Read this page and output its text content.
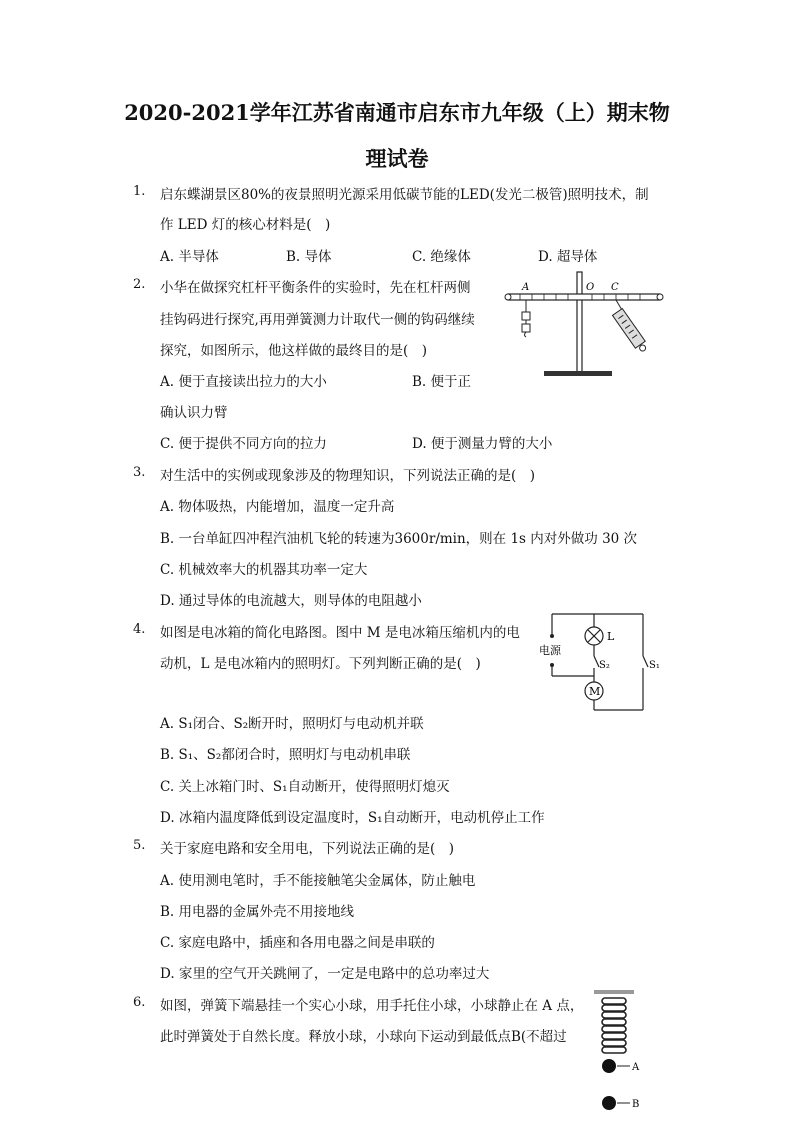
2020-2021学年江苏省南通市启东市九年级（上）期末物
理试卷
1. 启东蝶湖景区80%的夜景照明光源采用低碳节能的LED(发光二极管)照明技术，制
作 LED 灯的核心材料是(　)
A. 半导体	B. 导体	C. 绝缘体	D. 超导体
2. 小华在做探究杠杆平衡条件的实验时，先在杠杆两侧
挂钩码进行探究,再用弹簧测力计取代一侧的钩码继续
探究，如图所示，他这样做的最终目的是(　)
A. 便于直接读出拉力的大小	B. 便于正
确认识力臂
C. 便于提供不同方向的拉力	D. 便于测量力臂的大小
A	O C
3. 对生活中的实例或现象涉及的物理知识，下列说法正确的是(　)
A. 物体吸热，内能增加，温度一定升高
B. 一台单缸四冲程汽油机飞轮的转速为3600r/min，则在 1s 内对外做功 30 次
C. 机械效率大的机器其功率一定大
D. 通过导体的电流越大，则导体的电阻越小
4. 如图是电冰箱的简化电路图。图中 M 是电冰箱压缩机内的电
动机，L 是电冰箱内的照明灯。下列判断正确的是(　)
电源
L
S₂	S₁
M
A. S₁闭合、S₂断开时，照明灯与电动机并联
B. S₁、S₂都闭合时，照明灯与电动机串联
C. 关上冰箱门时、S₁自动断开，使得照明灯熄灭
D. 冰箱内温度降低到设定温度时，S₁自动断开，电动机停止工作
5. 关于家庭电路和安全用电，下列说法正确的是(　)
A. 使用测电笔时，手不能接触笔尖金属体，防止触电
B. 用电器的金属外壳不用接地线
C. 家庭电路中，插座和各用电器之间是串联的
D. 家里的空气开关跳闸了，一定是电路中的总功率过大
6. 如图，弹簧下端悬挂一个实心小球，用手托住小球，小球静止在 A 点，
此时弹簧处于自然长度。释放小球，小球向下运动到最低点B(不超过
A
B
